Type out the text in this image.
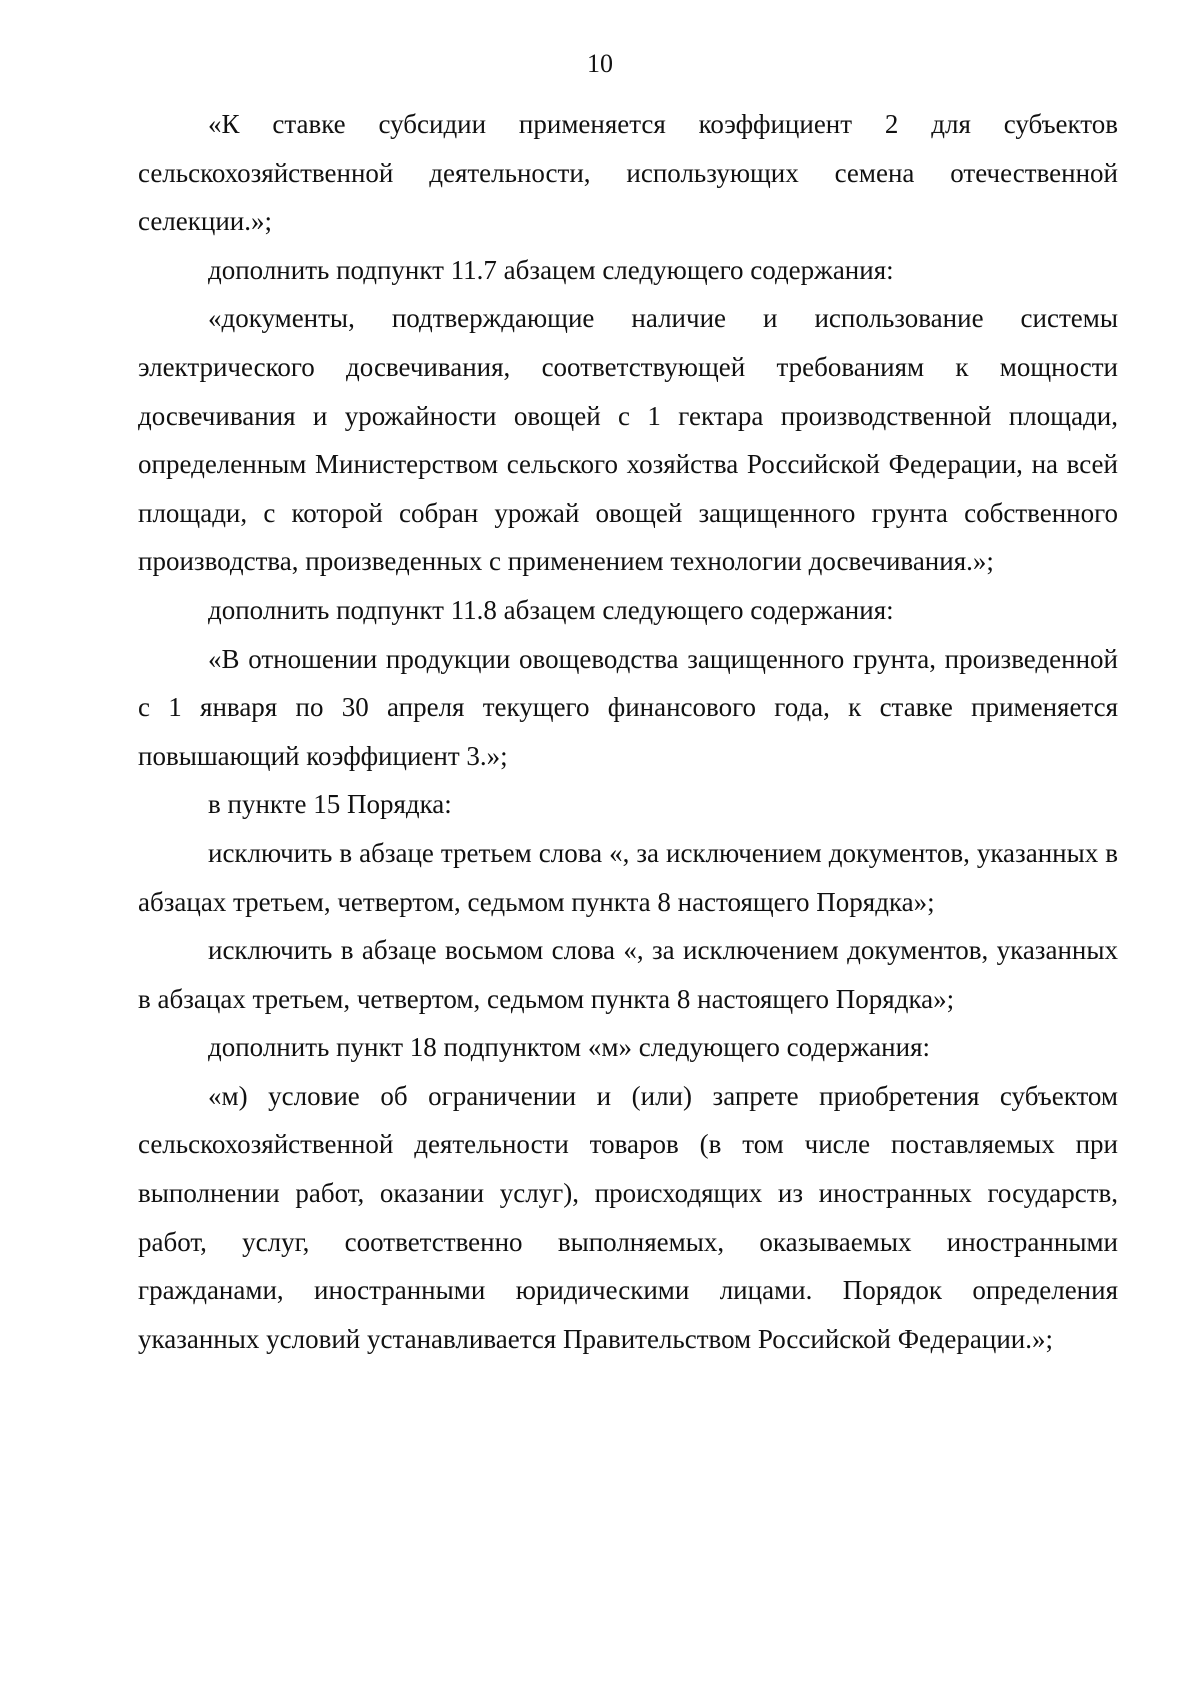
10

«К ставке субсидии применяется коэффициент 2 для субъектов сельскохозяйственной деятельности, использующих семена отечественной селекции.»;

дополнить подпункт 11.7 абзацем следующего содержания:

«документы, подтверждающие наличие и использование системы электрического досвечивания, соответствующей требованиям к мощности досвечивания и урожайности овощей с 1 гектара производственной площади, определенным Министерством сельского хозяйства Российской Федерации, на всей площади, с которой собран урожай овощей защищенного грунта собственного производства, произведенных с применением технологии досвечивания.»;

дополнить подпункт 11.8 абзацем следующего содержания:

«В отношении продукции овощеводства защищенного грунта, произведенной с 1 января по 30 апреля текущего финансового года, к ставке применяется повышающий коэффициент 3.»;

в пункте 15 Порядка:

исключить в абзаце третьем слова «, за исключением документов, указанных в абзацах третьем, четвертом, седьмом пункта 8 настоящего Порядка»;

исключить в абзаце восьмом слова «, за исключением документов, указанных в абзацах третьем, четвертом, седьмом пункта 8 настоящего Порядка»;

дополнить пункт 18 подпунктом «м» следующего содержания:

«м) условие об ограничении и (или) запрете приобретения субъектом сельскохозяйственной деятельности товаров (в том числе поставляемых при выполнении работ, оказании услуг), происходящих из иностранных государств, работ, услуг, соответственно выполняемых, оказываемых иностранными гражданами, иностранными юридическими лицами. Порядок определения указанных условий устанавливается Правительством Российской Федерации.»;
